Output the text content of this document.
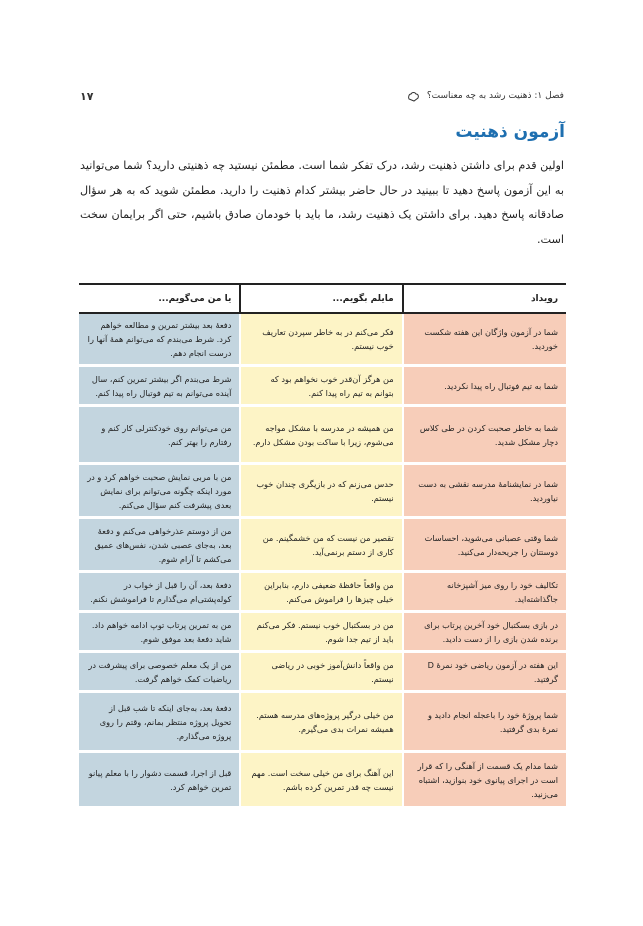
فصل ۱: ذهنیت رشد به چه معناست؟
۱۷
آزمون ذهنیت

اولین قدم برای داشتن ذهنیت رشد، درک تفکر شما است. مطمئن نیستید چه ذهنیتی دارید؟ شما می‌توانید به این آزمون پاسخ دهید تا ببینید در حال حاضر بیشتر کدام ذهنیت را دارید. مطمئن شوید که به هر سؤال صادقانه پاسخ دهید. برای داشتن یک ذهنیت رشد، ما باید با خودمان صادق باشیم، حتی اگر برایمان سخت است.

رویداد	مایلم بگویم...	یا من می‌گویم...
شما در آزمون واژگان این هفته شکست خوردید.	فکر می‌کنم در به خاطر سپردن تعاریف خوب نیستم.	دفعهٔ بعد بیشتر تمرین و مطالعه خواهم کرد. شرط می‌بندم که می‌توانم همهٔ آنها را درست انجام دهم.
شما به تیم فوتبال راه پیدا نکردید.	من هرگز آن‌قدر خوب نخواهم بود که بتوانم به تیم راه پیدا کنم.	شرط می‌بندم اگر بیشتر تمرین کنم، سال آینده می‌توانم به تیم فوتبال راه پیدا کنم.
شما به خاطر صحبت کردن در طی کلاس دچار مشکل شدید.	من همیشه در مدرسه با مشکل مواجه می‌شوم، زیرا با ساکت بودن مشکل دارم.	من می‌توانم روی خودکنترلی کار کنم و رفتارم را بهتر کنم.
شما در نمایشنامهٔ مدرسه نقشی به دست نیاوردید.	حدس می‌زنم که در بازیگری چندان خوب نیستم.	من با مربی نمایش صحبت خواهم کرد و در مورد اینکه چگونه می‌توانم برای نمایش بعدی پیشرفت کنم سؤال می‌کنم.
شما وقتی عصبانی می‌شوید، احساسات دوستتان را جریحه‌دار می‌کنید.	تقصیر من نیست که من خشمگینم. من کاری از دستم برنمی‌آید.	من از دوستم عذرخواهی می‌کنم و دفعهٔ بعد، به‌جای عصبی شدن، نفس‌های عمیق می‌کشم تا آرام شوم.
تکالیف خود را روی میز آشپزخانه جاگذاشته‌اید.	من واقعاً حافظهٔ ضعیفی دارم، بنابراین خیلی چیزها را فراموش می‌کنم.	دفعهٔ بعد، آن را قبل از خواب در کوله‌پشتی‌ام می‌گذارم تا فراموشش نکنم.
در بازی بسکتبال خود آخرین پرتاب برای برنده شدن بازی را از دست دادید.	من در بسکتبال خوب نیستم. فکر می‌کنم باید از تیم جدا شوم.	من به تمرین پرتاب توپ ادامه خواهم داد. شاید دفعهٔ بعد موفق شوم.
این هفته در آزمون ریاضی خود نمرهٔ D گرفتید.	من واقعاً دانش‌آموز خوبی در ریاضی نیستم.	من از یک معلم خصوصی برای پیشرفت در ریاضیات کمک خواهم گرفت.
شما پروژهٔ خود را باعجله انجام دادید و نمرهٔ بدی گرفتید.	من خیلی درگیر پروژه‌های مدرسه هستم. همیشه نمرات بدی می‌گیرم.	دفعهٔ بعد، به‌جای اینکه تا شب قبل از تحویل پروژه منتظر بمانم، وقتم را روی پروژه می‌گذارم.
شما مدام یک قسمت از آهنگی را که قرار است در اجرای پیانوی خود بنوازید، اشتباه می‌زنید.	این آهنگ برای من خیلی سخت است. مهم نیست چه قدر تمرین کرده باشم.	قبل از اجرا، قسمت دشوار را با معلم پیانو تمرین خواهم کرد.
